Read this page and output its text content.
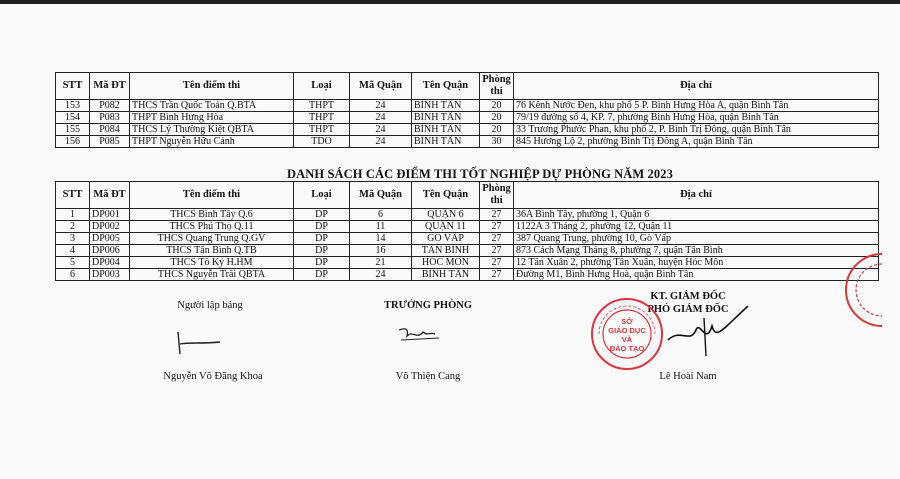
STT	Mã ĐT	Tên điểm thi	Loại	Mã Quận	Tên Quận	Phòng thi	Địa chỉ
153	P082	THCS Trần Quốc Toản Q.BTA	THPT	24	BÌNH TÂN	20	76 Kênh Nước Đen, khu phố 5 P. Bình Hưng Hòa A, quận Bình Tân
154	P083	THPT Bình Hưng Hòa	THPT	24	BÌNH TÂN	20	79/19 đường số 4, KP. 7, phường Bình Hưng Hòa, quận Bình Tân
155	P084	THCS Lý Thường Kiệt QBTA	THPT	24	BÌNH TÂN	20	33 Trương Phước Phan, khu phố 2, P. Bình Trị Đông, quận Bình Tân
156	P085	THPT Nguyễn Hữu Cảnh	TDO	24	BÌNH TÂN	30	845 Hương Lộ 2, phường Bình Trị Đông A, quận Bình Tân
DANH SÁCH CÁC ĐIỂM THI TỐT NGHIỆP DỰ PHÒNG NĂM 2023
STT	Mã ĐT	Tên điểm thi	Loại	Mã Quận	Tên Quận	Phòng thi	Địa chỉ
1	DP001	THCS Bình Tây Q.6	DP	6	QUẬN 6	27	36A Bình Tây, phường 1, Quận 6
2	DP002	THCS Phú Thọ Q.11	DP	11	QUẬN 11	27	1122A 3 Tháng 2, phường 12, Quận 11
3	DP005	THCS Quang Trung Q.GV	DP	14	GÒ VẤP	27	387 Quang Trung, phường 10, Gò Vấp
4	DP006	THCS Tân Bình Q.TB	DP	16	TÂN BÌNH	27	873 Cách Mạng Tháng 8, phường 7, quận Tân Bình
5	DP004	THCS Tô Ký H.HM	DP	21	HÓC MÔN	27	12 Tân Xuân 2, phường Tân Xuân, huyện Hóc Môn
6	DP003	THCS Nguyễn Trãi QBTA	DP	24	BÌNH TÂN	27	Đường M1, Bình Hưng Hoà, quận Bình Tân
Người lập bảng
Nguyễn Võ Đăng Khoa
TRƯỞNG PHÒNG
Võ Thiện Cang
KT. GIÁM ĐỐC
PHÓ GIÁM ĐỐC
SỞ
GIÁO DỤC
VÀ
ĐÀO TẠO
Lê Hoài Nam
